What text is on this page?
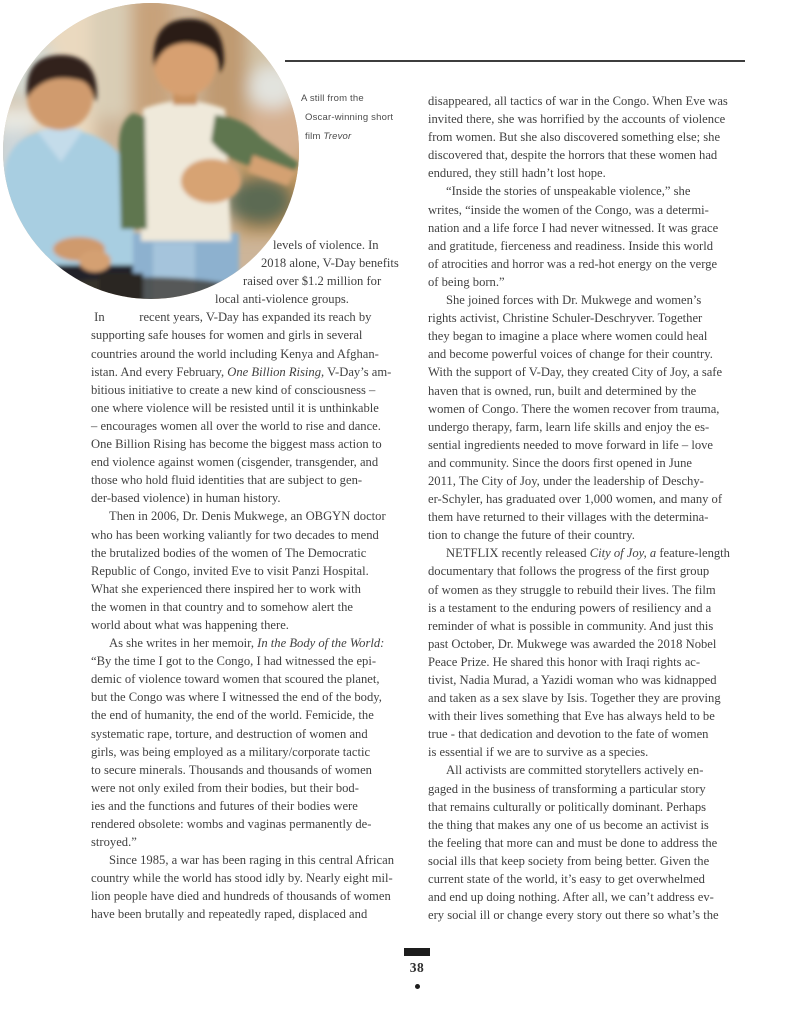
A still from the
Oscar-winning short
film Trevor
levels of violence. In
2018 alone, V-Day benefits
raised over $1.2 million for
local anti-violence groups.

In           recent years, V-Day has expanded its reach by
supporting safe houses for women and girls in several
countries around the world including Kenya and Afghan-
istan. And every February, One Billion Rising, V-Day’s am-
bitious initiative to create a new kind of consciousness –
one where violence will be resisted until it is unthinkable
– encourages women all over the world to rise and dance.
One Billion Rising has become the biggest mass action to
end violence against women (cisgender, transgender, and
those who hold fluid identities that are subject to gen-
der-based violence) in human history.

Then in 2006, Dr. Denis Mukwege, an OBGYN doctor
who has been working valiantly for two decades to mend
the brutalized bodies of the women of The Democratic
Republic of Congo, invited Eve to visit Panzi Hospital.
What she experienced there inspired her to work with
the women in that country and to somehow alert the
world about what was happening there.

As she writes in her memoir, In the Body of the World:
“By the time I got to the Congo, I had witnessed the epi-
demic of violence toward women that scoured the planet,
but the Congo was where I witnessed the end of the body,
the end of humanity, the end of the world. Femicide, the
systematic rape, torture, and destruction of women and
girls, was being employed as a military/corporate tactic
to secure minerals. Thousands and thousands of women
were not only exiled from their bodies, but their bod-
ies and the functions and futures of their bodies were
rendered obsolete: wombs and vaginas permanently de-
stroyed.”

Since 1985, a war has been raging in this central African
country while the world has stood idly by. Nearly eight mil-
lion people have died and hundreds of thousands of women
have been brutally and repeatedly raped, displaced and

disappeared, all tactics of war in the Congo. When Eve was
invited there, she was horrified by the accounts of violence
from women. But she also discovered something else; she
discovered that, despite the horrors that these women had
endured, they still hadn’t lost hope.

“Inside the stories of unspeakable violence,” she
writes, “inside the women of the Congo, was a determi-
nation and a life force I had never witnessed. It was grace
and gratitude, fierceness and readiness. Inside this world
of atrocities and horror was a red-hot energy on the verge
of being born.”

She joined forces with Dr. Mukwege and women’s
rights activist, Christine Schuler-Deschryver. Together
they began to imagine a place where women could heal
and become powerful voices of change for their country.
With the support of V-Day, they created City of Joy, a safe
haven that is owned, run, built and determined by the
women of Congo. There the women recover from trauma,
undergo therapy, farm, learn life skills and enjoy the es-
sential ingredients needed to move forward in life – love
and community. Since the doors first opened in June
2011, The City of Joy, under the leadership of Deschy-
er-Schyler, has graduated over 1,000 women, and many of
them have returned to their villages with the determina-
tion to change the future of their country.

NETFLIX recently released City of Joy, a feature-length
documentary that follows the progress of the first group
of women as they struggle to rebuild their lives. The film
is a testament to the enduring powers of resiliency and a
reminder of what is possible in community. And just this
past October, Dr. Mukwege was awarded the 2018 Nobel
Peace Prize. He shared this honor with Iraqi rights ac-
tivist, Nadia Murad, a Yazidi woman who was kidnapped
and taken as a sex slave by Isis. Together they are proving
with their lives something that Eve has always held to be
true - that dedication and devotion to the fate of women
is essential if we are to survive as a species.

All activists are committed storytellers actively en-
gaged in the business of transforming a particular story
that remains culturally or politically dominant. Perhaps
the thing that makes any one of us become an activist is
the feeling that more can and must be done to address the
social ills that keep society from being better. Given the
current state of the world, it’s easy to get overwhelmed
and end up doing nothing. After all, we can’t address ev-
ery social ill or change every story out there so what’s the

38
